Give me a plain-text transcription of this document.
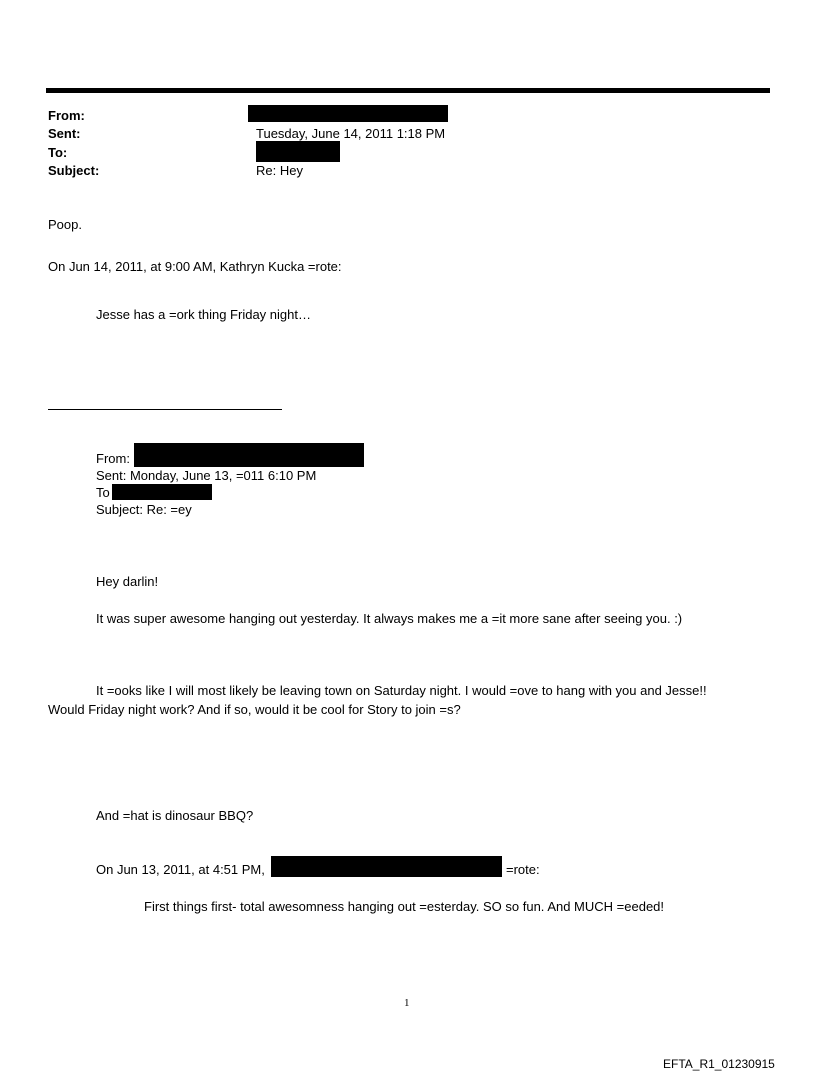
From:
Sent:	Tuesday, June 14, 2011 1:18 PM
To:
Subject:	Re: Hey
Poop.
On Jun 14, 2011, at 9:00 AM, Kathryn Kucka =rote:
Jesse has a =ork thing Friday night…
From:
Sent: Monday, June 13, =011 6:10 PM
To
Subject: Re: =ey
Hey darlin!
It was super awesome hanging out yesterday. It always makes me a =it more sane after seeing you. :)
It =ooks like I will most likely be leaving town on Saturday night. I would =ove to hang with you and Jesse!!
Would Friday night work? And if so, would it be cool for Story to join =s?
And =hat is dinosaur BBQ?
On Jun 13, 2011, at 4:51 PM,	=rote:
First things first- total awesomness hanging out =esterday. SO so fun. And MUCH =eeded!
1
EFTA_R1_01230915
